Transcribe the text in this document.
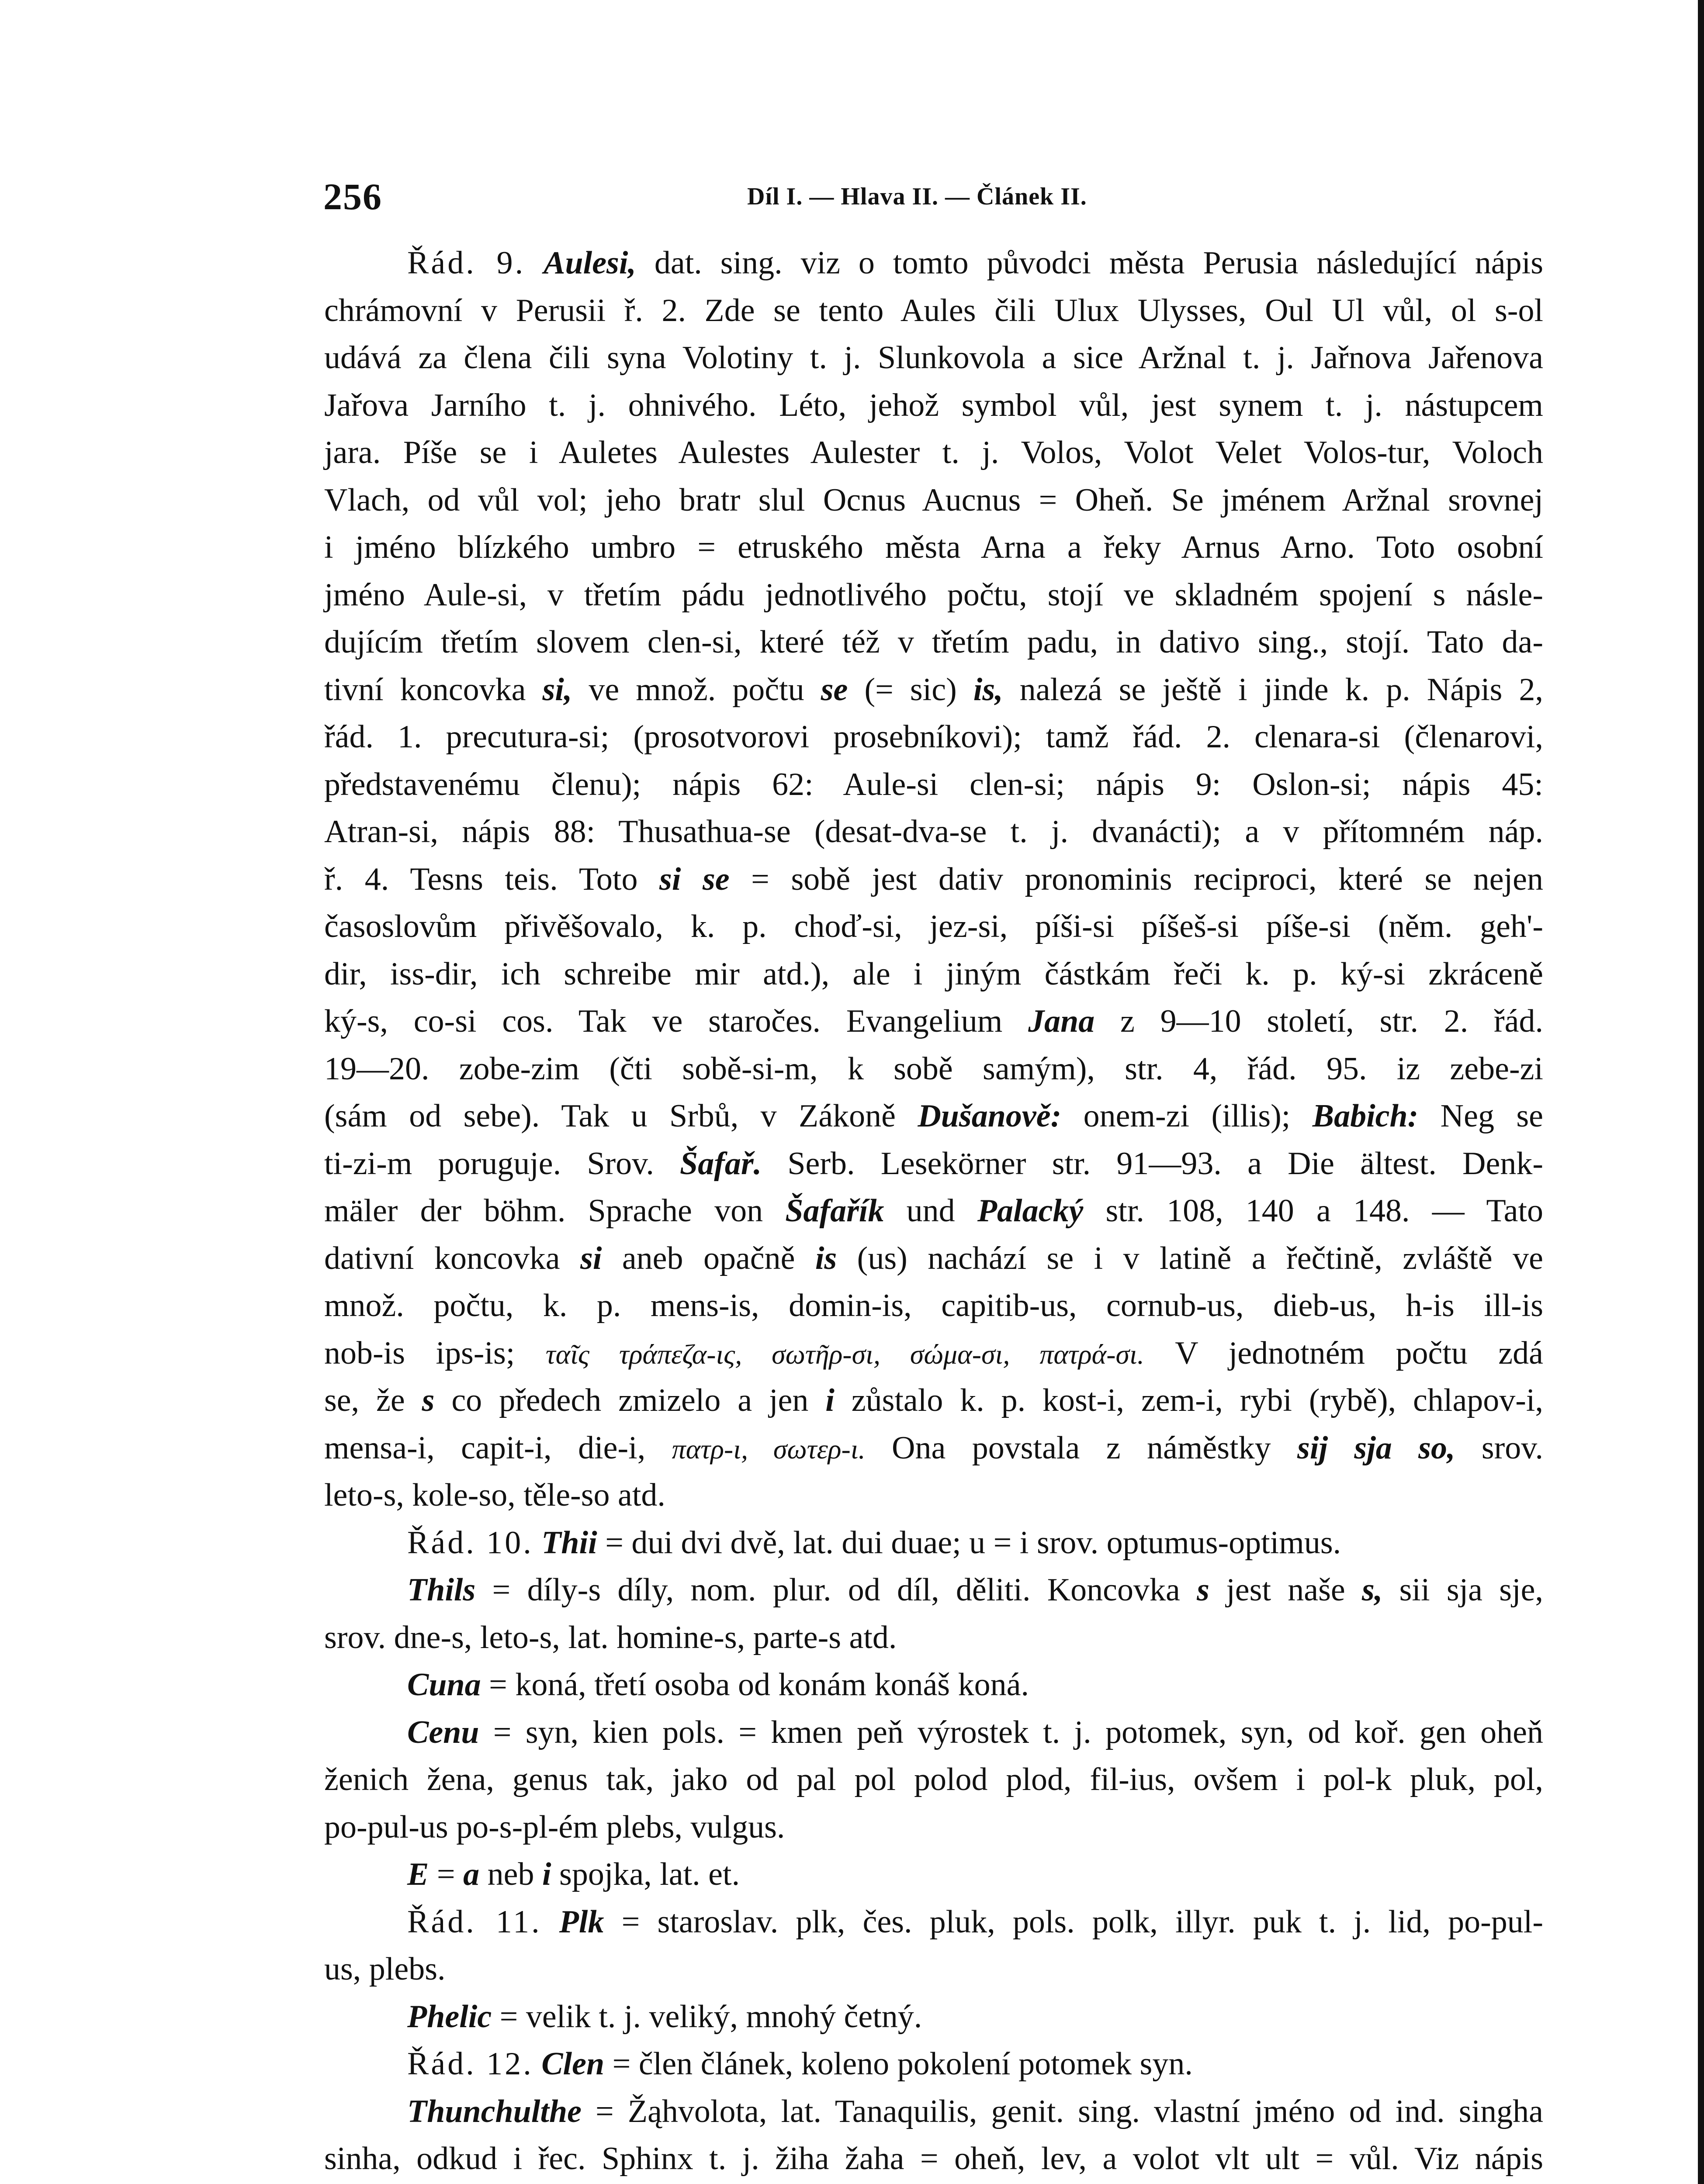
256	Díl I. — Hlava II. — Článek II.
Řád. 9. Aulesi, dat. sing. viz o tomto původci města Perusia následující nápis
chrámovní v Perusii ř. 2. Zde se tento Aules čili Ulux Ulysses, Oul Ul vůl, ol s-ol
udává za člena čili syna Volotiny t. j. Slunkovola a sice Aržnal t. j. Jařnova Jařenova
Jařova Jarního t. j. ohnivého. Léto, jehož symbol vůl, jest synem t. j. nástupcem
jara. Píše se i Auletes Aulestes Aulester t. j. Volos, Volot Velet Volos-tur, Voloch
Vlach, od vůl vol; jeho bratr slul Ocnus Aucnus = Oheň. Se jménem Aržnal srovnej
i jméno blízkého umbro = etruského města Arna a řeky Arnus Arno. Toto osobní
jméno Aule-si, v třetím pádu jednotlivého počtu, stojí ve skladném spojení s násle-
dujícím třetím slovem clen-si, které též v třetím padu, in dativo sing., stojí. Tato da-
tivní koncovka si, ve množ. počtu se (= sic) is, nalezá se ještě i jinde k. p. Nápis 2,
řád. 1. precutura-si; (prosotvorovi prosebníkovi); tamž řád. 2. clenara-si (členarovi,
představenému členu); nápis 62: Aule-si clen-si; nápis 9: Oslon-si; nápis 45:
Atran-si, nápis 88: Thusathua-se (desat-dva-se t. j. dvanácti); a v přítomném náp.
ř. 4. Tesns teis. Toto si se = sobě jest dativ pronominis reciproci, které se nejen
časoslovům přivěšovalo, k. p. choď-si, jez-si, píši-si píšeš-si píše-si (něm. geh'-
dir, iss-dir, ich schreibe mir atd.), ale i jiným částkám řeči k. p. ký-si zkráceně
ký-s, co-si cos. Tak ve staročes. Evangelium Jana z 9—10 století, str. 2. řád.
19—20. zobe-zim (čti sobě-si-m, k sobě samým), str. 4, řád. 95. iz zebe-zi
(sám od sebe). Tak u Srbů, v Zákoně Dušanově: onem-zi (illis); Babich: Neg se
ti-zi-m poruguje. Srov. Šafař. Serb. Lesekörner str. 91—93. a Die ältest. Denk-
mäler der böhm. Sprache von Šafařík und Palacký str. 108, 140 a 148. — Tato
dativní koncovka si aneb opačně is (us) nachází se i v latině a řečtině, zvláště ve
množ. počtu, k. p. mens-is, domin-is, capitib-us, cornub-us, dieb-us, h-is ill-is
nob-is ips-is; ταῖς τράπεζα-ις, σωτῆρ-σι, σώμα-σι, πατρά-σι. V jednotném počtu zdá
se, že s co předech zmizelo a jen i zůstalo k. p. kost-i, zem-i, rybi (rybě), chlapov-i,
mensa-i, capit-i, die-i, πατρ-ι, σωτερ-ι. Ona povstala z náměstky sij sja so, srov.
leto-s, kole-so, těle-so atd.
Řád. 10. Thii = dui dvi dvě, lat. dui duae; u = i srov. optumus-optimus.
Thils = díly-s díly, nom. plur. od díl, děliti. Koncovka s jest naše s, sii sja sje,
srov. dne-s, leto-s, lat. homine-s, parte-s atd.
Cuna = koná, třetí osoba od konám konáš koná.
Cenu = syn, kien pols. = kmen peň výrostek t. j. potomek, syn, od koř. gen oheň
ženich žena, genus tak, jako od pal pol polod plod, fil-ius, ovšem i pol-k pluk, pol,
po-pul-us po-s-pl-ém plebs, vulgus.
E = a neb i spojka, lat. et.
Řád. 11. Plk = staroslav. plk, čes. pluk, pols. polk, illyr. puk t. j. lid, po-pul-
us, plebs.
Phelic = velik t. j. veliký, mnohý četný.
Řád. 12. Clen = člen článek, koleno pokolení potomek syn.
Thunchulthe = Žąhvolota, lat. Tanaquilis, genit. sing. vlastní jméno od ind. singha
sinha, odkud i řec. Sphinx t. j. žiha žaha = oheň, lev, a volot vlt ult = vůl. Viz nápis
